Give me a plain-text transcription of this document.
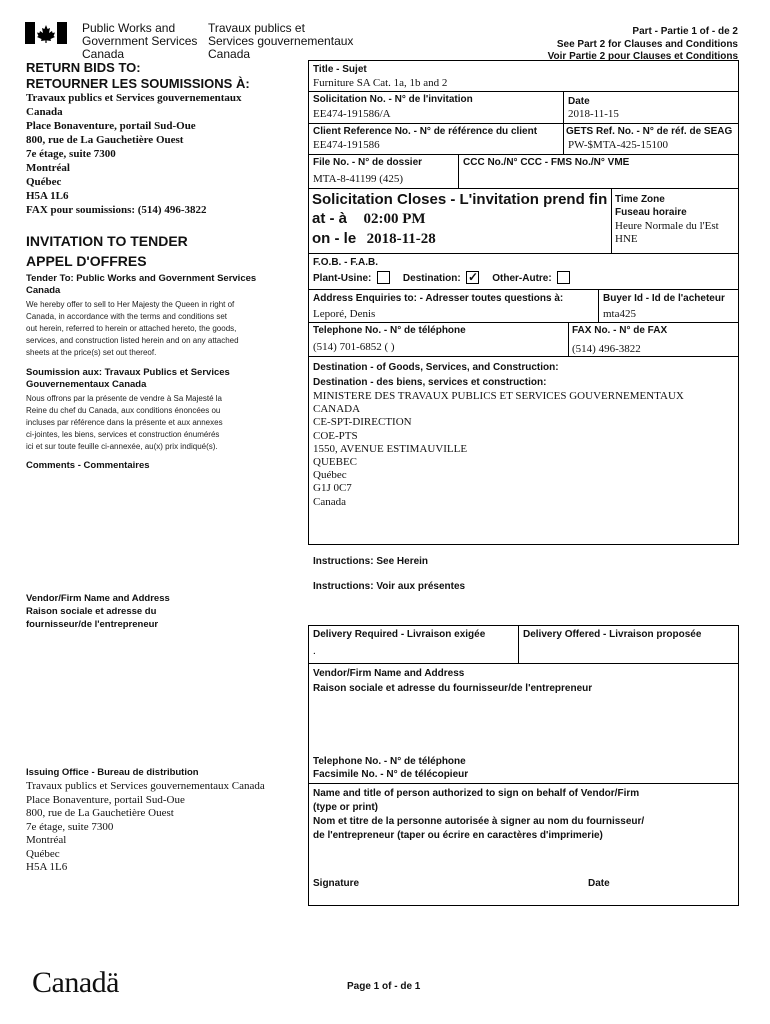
Public Works and
Government Services
Canada
Travaux publics et
Services gouvernementaux
Canada
Part - Partie 1 of - de 2
See Part 2 for Clauses and Conditions
Voir Partie 2 pour Clauses et Conditions
RETURN BIDS TO:
RETOURNER LES SOUMISSIONS À:
Travaux publics et Services gouvernementaux
Canada
Place Bonaventure, portail Sud-Oue
800, rue de La Gauchetière Ouest
7e étage, suite 7300
Montréal
Québec
H5A 1L6
FAX pour soumissions: (514) 496-3822
INVITATION TO TENDER
APPEL D'OFFRES
Tender To: Public Works and Government Services Canada
We hereby offer to sell to Her Majesty the Queen in right of
Canada, in accordance with the terms and conditions set
out herein, referred to herein or attached hereto, the goods,
services, and construction listed herein and on any attached
sheets at the price(s) set out thereof.
Soumission aux: Travaux Publics et Services Gouvernementaux Canada
Nous offrons par la présente de vendre à Sa Majesté la
Reine du chef du Canada, aux conditions énoncées ou
incluses par référence dans la présente et aux annexes
ci-jointes, les biens, services et construction énumérés
ici et sur toute feuille ci-annexée, au(x) prix indiqué(s).
Comments - Commentaires
Vendor/Firm Name and Address
Raison sociale et adresse du
fournisseur/de l'entrepreneur
Issuing Office - Bureau de distribution
Travaux publics et Services gouvernementaux Canada
Place Bonaventure, portail Sud-Oue
800, rue de La Gauchetière Ouest
7e étage, suite 7300
Montréal
Québec
H5A 1L6
Title - Sujet
Furniture SA Cat. 1a, 1b and 2
Solicitation No. - N° de l'invitation
EE474-191586/A
Date
2018-11-15
Client Reference No. - N° de référence du client
EE474-191586
GETS Ref. No. - N° de réf. de SEAG
PW-$MTA-425-15100
File No. - N° de dossier
MTA-8-41199 (425)
CCC No./N° CCC - FMS No./N° VME
Solicitation Closes - L'invitation prend fin
at - à 02:00 PM
on - le 2018-11-28
Time Zone
Fuseau horaire
Heure Normale du l'Est
HNE
F.O.B. - F.A.B.
Plant-Usine:	Destination: ✓ Other-Autre:
Address Enquiries to: - Adresser toutes questions à:
Leporé, Denis
Buyer Id - Id de l'acheteur
mta425
Telephone No. - N° de téléphone
(514) 701-6852 ( )
FAX No. - N° de FAX
(514) 496-3822
Destination - of Goods, Services, and Construction:
Destination - des biens, services et construction:
MINISTERE DES TRAVAUX PUBLICS ET SERVICES GOUVERNEMENTAUX
CANADA
CE-SPT-DIRECTION
COE-PTS
1550, AVENUE ESTIMAUVILLE
QUEBEC
Québec
G1J 0C7
Canada
Instructions: See Herein
Instructions: Voir aux présentes
Delivery Required - Livraison exigée
.
Delivery Offered - Livraison proposée
Vendor/Firm Name and Address
Raison sociale et adresse du fournisseur/de l'entrepreneur
Telephone No. - N° de téléphone
Facsimile No. - N° de télécopieur
Name and title of person authorized to sign on behalf of Vendor/Firm
(type or print)
Nom et titre de la personne autorisée à signer au nom du fournisseur/
de l'entrepreneur (taper ou écrire en caractères d'imprimerie)
Signature	Date
Canadä	Page 1 of - de 1
